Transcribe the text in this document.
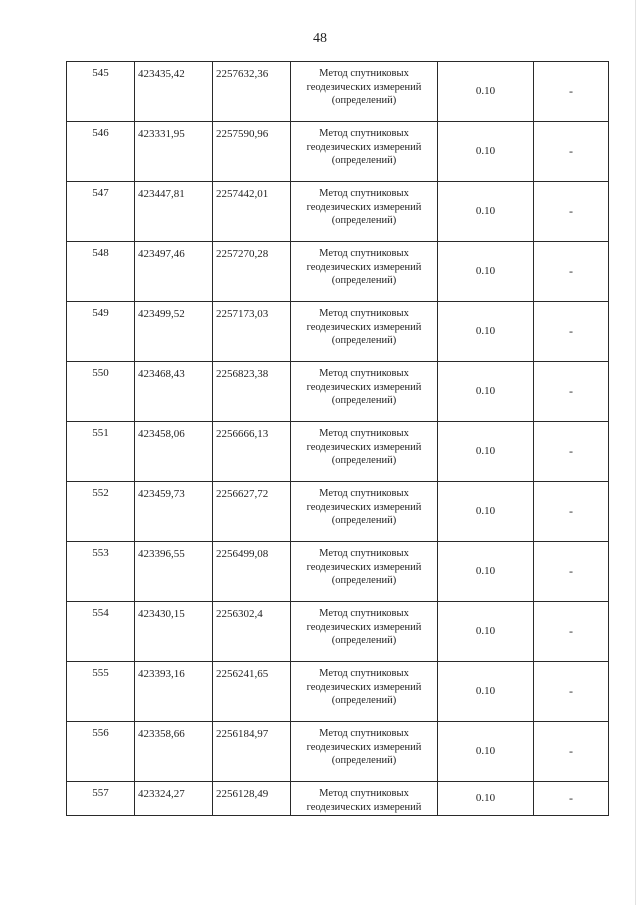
48
545	423435,42	2257632,36	Метод спутниковых
геодезических измерений
(определений)	0.10	-
546	423331,95	2257590,96	Метод спутниковых
геодезических измерений
(определений)	0.10	-
547	423447,81	2257442,01	Метод спутниковых
геодезических измерений
(определений)	0.10	-
548	423497,46	2257270,28	Метод спутниковых
геодезических измерений
(определений)	0.10	-
549	423499,52	2257173,03	Метод спутниковых
геодезических измерений
(определений)	0.10	-
550	423468,43	2256823,38	Метод спутниковых
геодезических измерений
(определений)	0.10	-
551	423458,06	2256666,13	Метод спутниковых
геодезических измерений
(определений)	0.10	-
552	423459,73	2256627,72	Метод спутниковых
геодезических измерений
(определений)	0.10	-
553	423396,55	2256499,08	Метод спутниковых
геодезических измерений
(определений)	0.10	-
554	423430,15	2256302,4	Метод спутниковых
геодезических измерений
(определений)	0.10	-
555	423393,16	2256241,65	Метод спутниковых
геодезических измерений
(определений)	0.10	-
556	423358,66	2256184,97	Метод спутниковых
геодезических измерений
(определений)	0.10	-
557	423324,27	2256128,49	Метод спутниковых
геодезических измерений	0.10	-
